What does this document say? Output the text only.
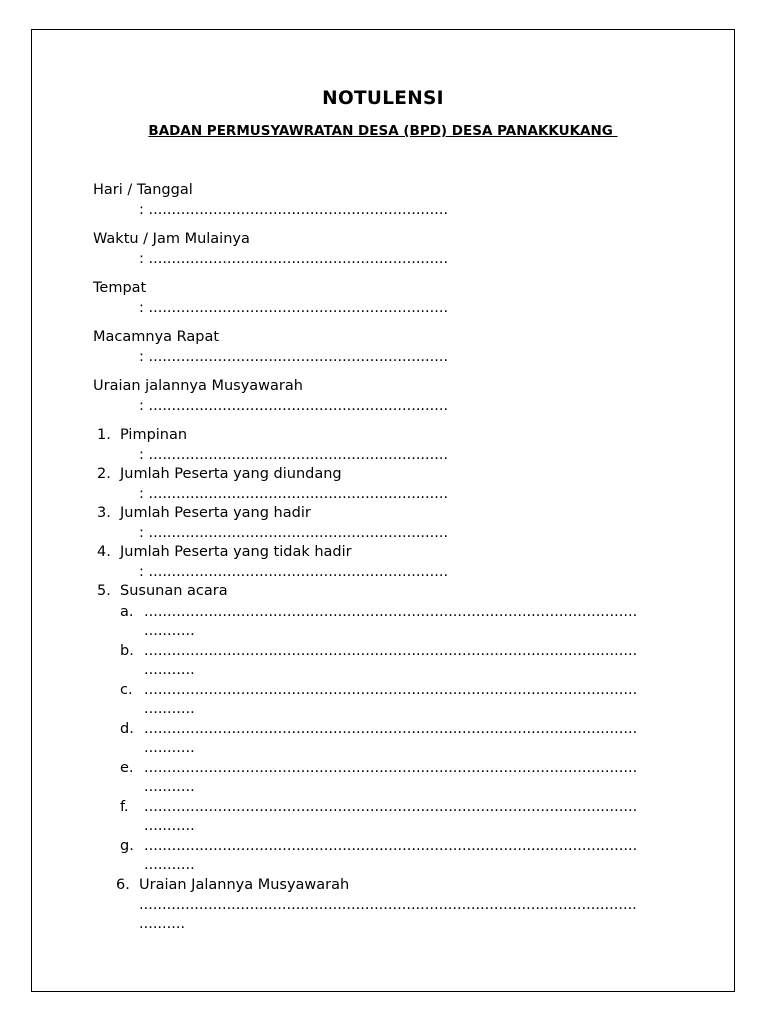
NOTULENSI
BADAN PERMUSYAWRATAN DESA (BPD) DESA PANAKKUKANG
Hari / Tanggal
: .................................................................
Waktu / Jam Mulainya
: .................................................................
Tempat
: .................................................................
Macamnya Rapat
: .................................................................
Uraian jalannya Musyawarah
: .................................................................
1. Pimpinan
: .................................................................
2. Jumlah Peserta yang diundang
: .................................................................
3. Jumlah Peserta yang hadir
: .................................................................
4. Jumlah Peserta yang tidak hadir
: .................................................................
5. Susunan acara
a. ...........................................................................................................
...........
b. ...........................................................................................................
...........
c. ...........................................................................................................
...........
d. ...........................................................................................................
...........
e. ...........................................................................................................
...........
f. ...........................................................................................................
...........
g. ...........................................................................................................
...........
6. Uraian Jalannya Musyawarah
............................................................................................................
..........
